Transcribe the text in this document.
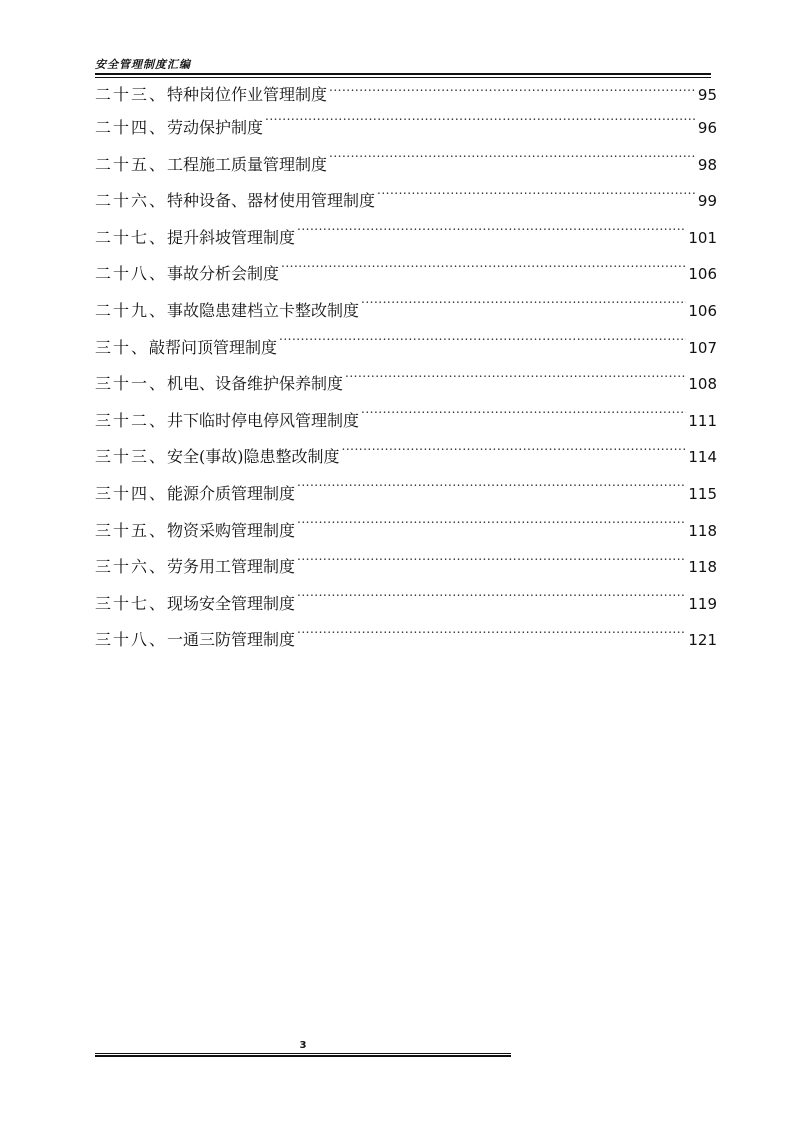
安全管理制度汇编
二十三、 特种岗位作业管理制度 .....	95
二十四、 劳动保护制度 .....	96
二十五、 工程施工质量管理制度 .....	98
二十六、 特种设备、器材使用管理制度 .....	99
二十七、 提升斜坡管理制度 .....	101
二十八、 事故分析会制度 .....	106
二十九、 事故隐患建档立卡整改制度 .....	106
三十、 敲帮问顶管理制度 .....	107
三十一、 机电、设备维护保养制度 .....	108
三十二、 井下临时停电停风管理制度 .....	111
三十三、 安全(事故)隐患整改制度 .....	114
三十四、 能源介质管理制度 .....	115
三十五、 物资采购管理制度 .....	118
三十六、 劳务用工管理制度 .....	118
三十七、 现场安全管理制度 .....	119
三十八、 一通三防管理制度 .....	121
3
